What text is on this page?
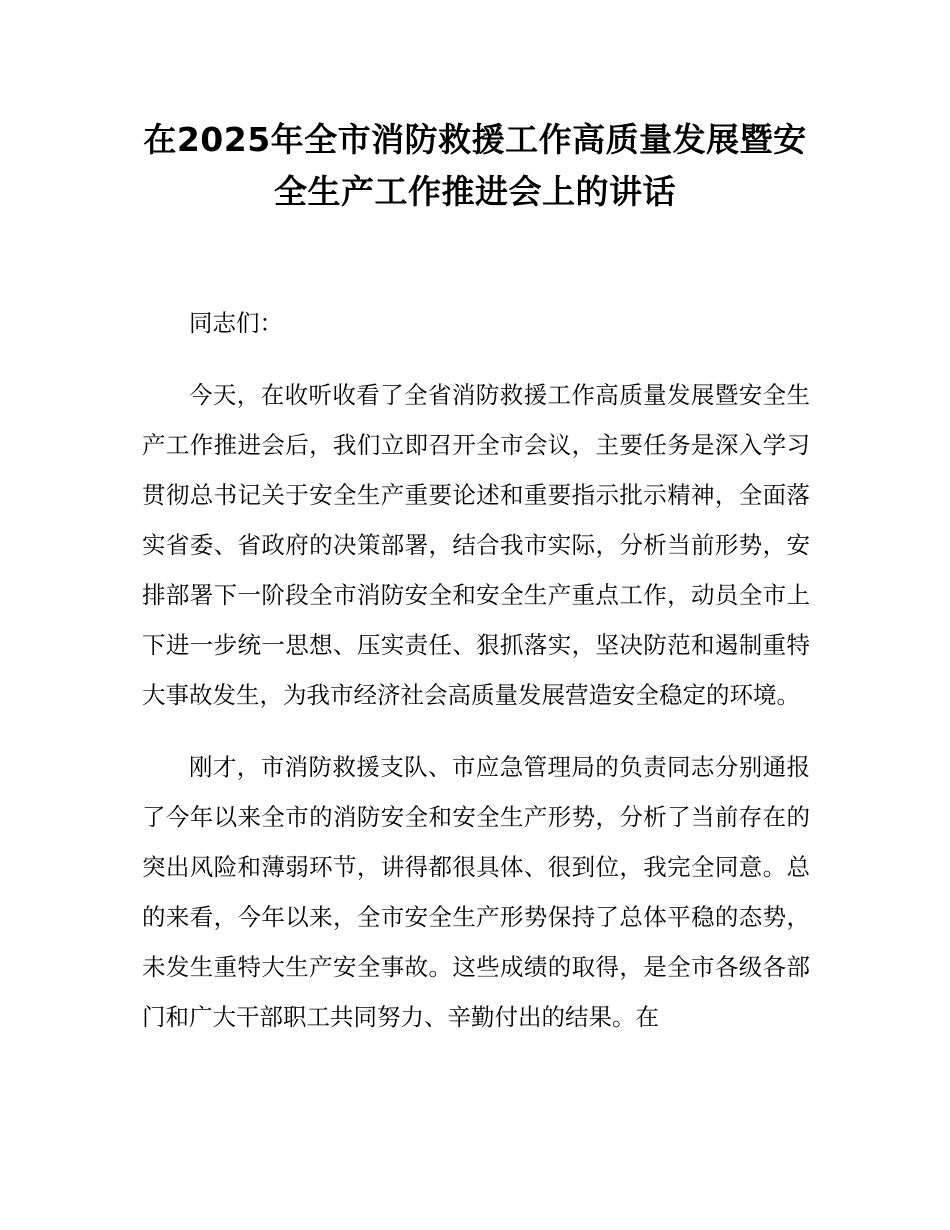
在2025年全市消防救援工作高质量发展暨安
全生产工作推进会上的讲话

同志们：

今天，在收听收看了全省消防救援工作高质量发展暨安全生产工作推进会后，我们立即召开全市会议，主要任务是深入学习贯彻总书记关于安全生产重要论述和重要指示批示精神，全面落实省委、省政府的决策部署，结合我市实际，分析当前形势，安排部署下一阶段全市消防安全和安全生产重点工作，动员全市上下进一步统一思想、压实责任、狠抓落实，坚决防范和遏制重特大事故发生，为我市经济社会高质量发展营造安全稳定的环境。

刚才，市消防救援支队、市应急管理局的负责同志分别通报了今年以来全市的消防安全和安全生产形势，分析了当前存在的突出风险和薄弱环节，讲得都很具体、很到位，我完全同意。总的来看，今年以来，全市安全生产形势保持了总体平稳的态势，未发生重特大生产安全事故。这些成绩的取得，是全市各级各部门和广大干部职工共同努力、辛勤付出的结果。在
